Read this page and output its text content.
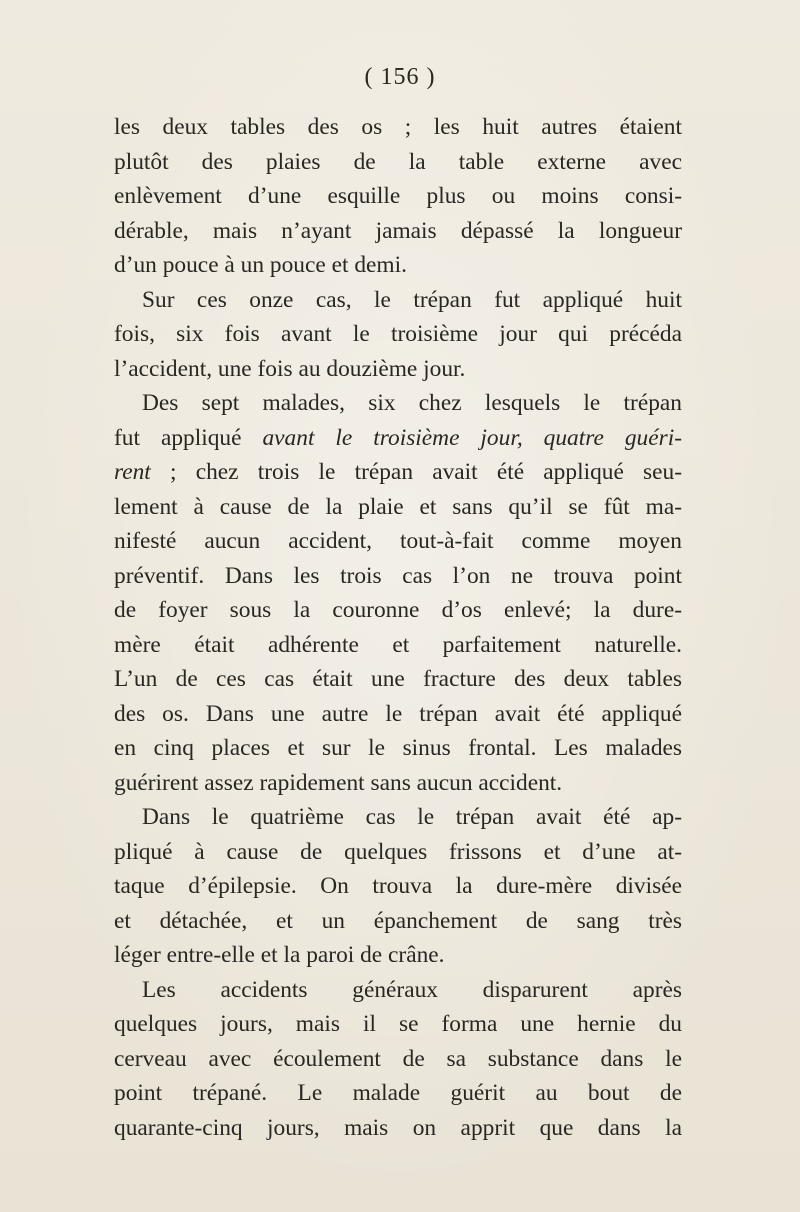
( 156 )
les deux tables des os ; les huit autres étaient
plutôt des plaies de la table externe avec
enlèvement d’une esquille plus ou moins consi-
dérable, mais n’ayant jamais dépassé la longueur
d’un pouce à un pouce et demi.
Sur ces onze cas, le trépan fut appliqué huit
fois, six fois avant le troisième jour qui précéda
l’accident, une fois au douzième jour.
Des sept malades, six chez lesquels le trépan
fut appliqué avant le troisième jour, quatre guéri-
rent ; chez trois le trépan avait été appliqué seu-
lement à cause de la plaie et sans qu’il se fût ma-
nifesté aucun accident, tout-à-fait comme moyen
préventif. Dans les trois cas l’on ne trouva point
de foyer sous la couronne d’os enlevé; la dure-
mère était adhérente et parfaitement naturelle.
L’un de ces cas était une fracture des deux tables
des os. Dans une autre le trépan avait été appliqué
en cinq places et sur le sinus frontal. Les malades
guérirent assez rapidement sans aucun accident.
Dans le quatrième cas le trépan avait été ap-
pliqué à cause de quelques frissons et d’une at-
taque d’épilepsie. On trouva la dure-mère divisée
et détachée, et un épanchement de sang très
léger entre-elle et la paroi de crâne.
Les accidents généraux disparurent après
quelques jours, mais il se forma une hernie du
cerveau avec écoulement de sa substance dans le
point trépané. Le malade guérit au bout de
quarante-cinq jours, mais on apprit que dans la
